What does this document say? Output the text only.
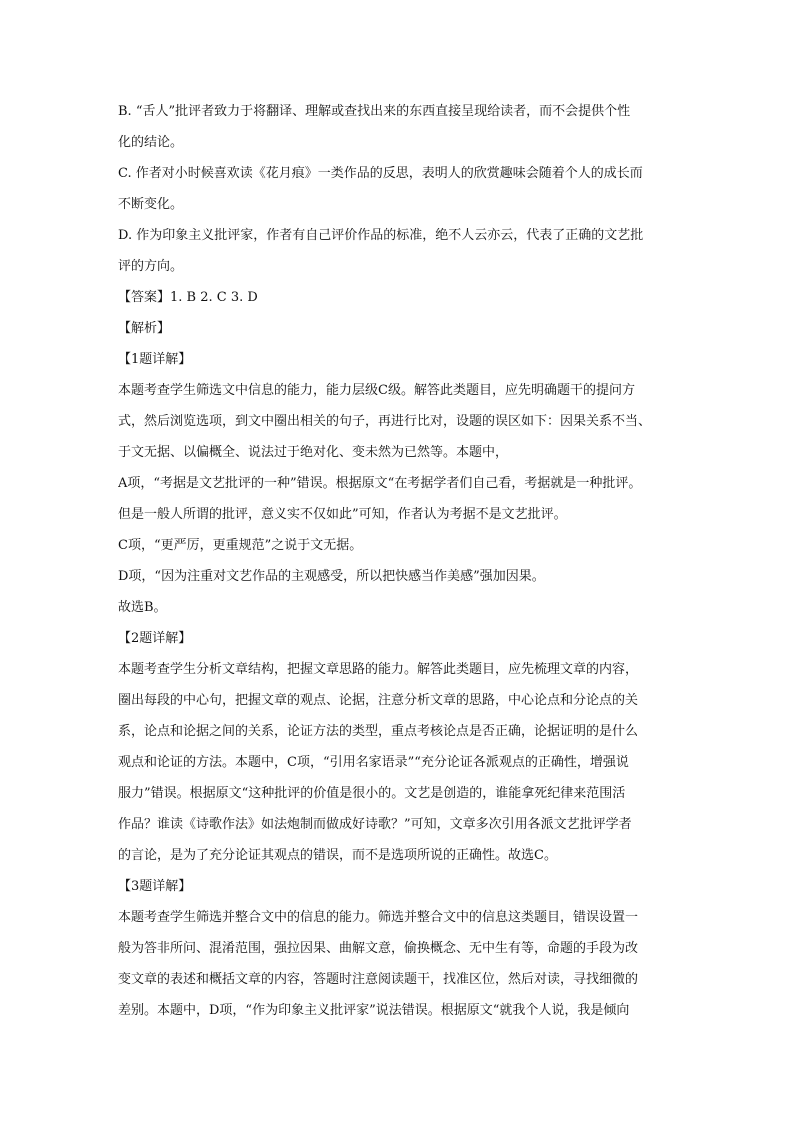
B. “舌人”批评者致力于将翻译、理解或查找出来的东西直接呈现给读者，而不会提供个性
化的结论。
C. 作者对小时候喜欢读《花月痕》一类作品的反思，表明人的欣赏趣味会随着个人的成长而
不断变化。
D. 作为印象主义批评家，作者有自己评价作品的标准，绝不人云亦云，代表了正确的文艺批
评的方向。
【答案】1. B 2. C 3. D
【解析】
【1题详解】
本题考查学生筛选文中信息的能力，能力层级C级。解答此类题目，应先明确题干的提问方
式，然后浏览选项，到文中圈出相关的句子，再进行比对，设题的误区如下：因果关系不当、
于文无据、以偏概全、说法过于绝对化、变未然为已然等。本题中，
A项，“考据是文艺批评的一种”错误。根据原文“在考据学者们自己看，考据就是一种批评。
但是一般人所谓的批评，意义实不仅如此”可知，作者认为考据不是文艺批评。
C项，“更严厉，更重规范”之说于文无据。
D项，“因为注重对文艺作品的主观感受，所以把快感当作美感”强加因果。
故选B。
【2题详解】
本题考查学生分析文章结构，把握文章思路的能力。解答此类题目，应先梳理文章的内容，
圈出每段的中心句，把握文章的观点、论据，注意分析文章的思路，中心论点和分论点的关
系，论点和论据之间的关系，论证方法的类型，重点考核论点是否正确，论据证明的是什么
观点和论证的方法。本题中，C项，“引用名家语录”“充分论证各派观点的正确性，增强说
服力”错误。根据原文“这种批评的价值是很小的。文艺是创造的，谁能拿死纪律来范围活
作品？谁读《诗歌作法》如法炮制而做成好诗歌？”可知，文章多次引用各派文艺批评学者
的言论，是为了充分论证其观点的错误，而不是选项所说的正确性。故选C。
【3题详解】
本题考查学生筛选并整合文中的信息的能力。筛选并整合文中的信息这类题目，错误设置一
般为答非所问、混淆范围，强拉因果、曲解文意，偷换概念、无中生有等，命题的手段为改
变文章的表述和概括文章的内容，答题时注意阅读题干，找准区位，然后对读，寻找细微的
差别。本题中，D项，“作为印象主义批评家”说法错误。根据原文“就我个人说，我是倾向
